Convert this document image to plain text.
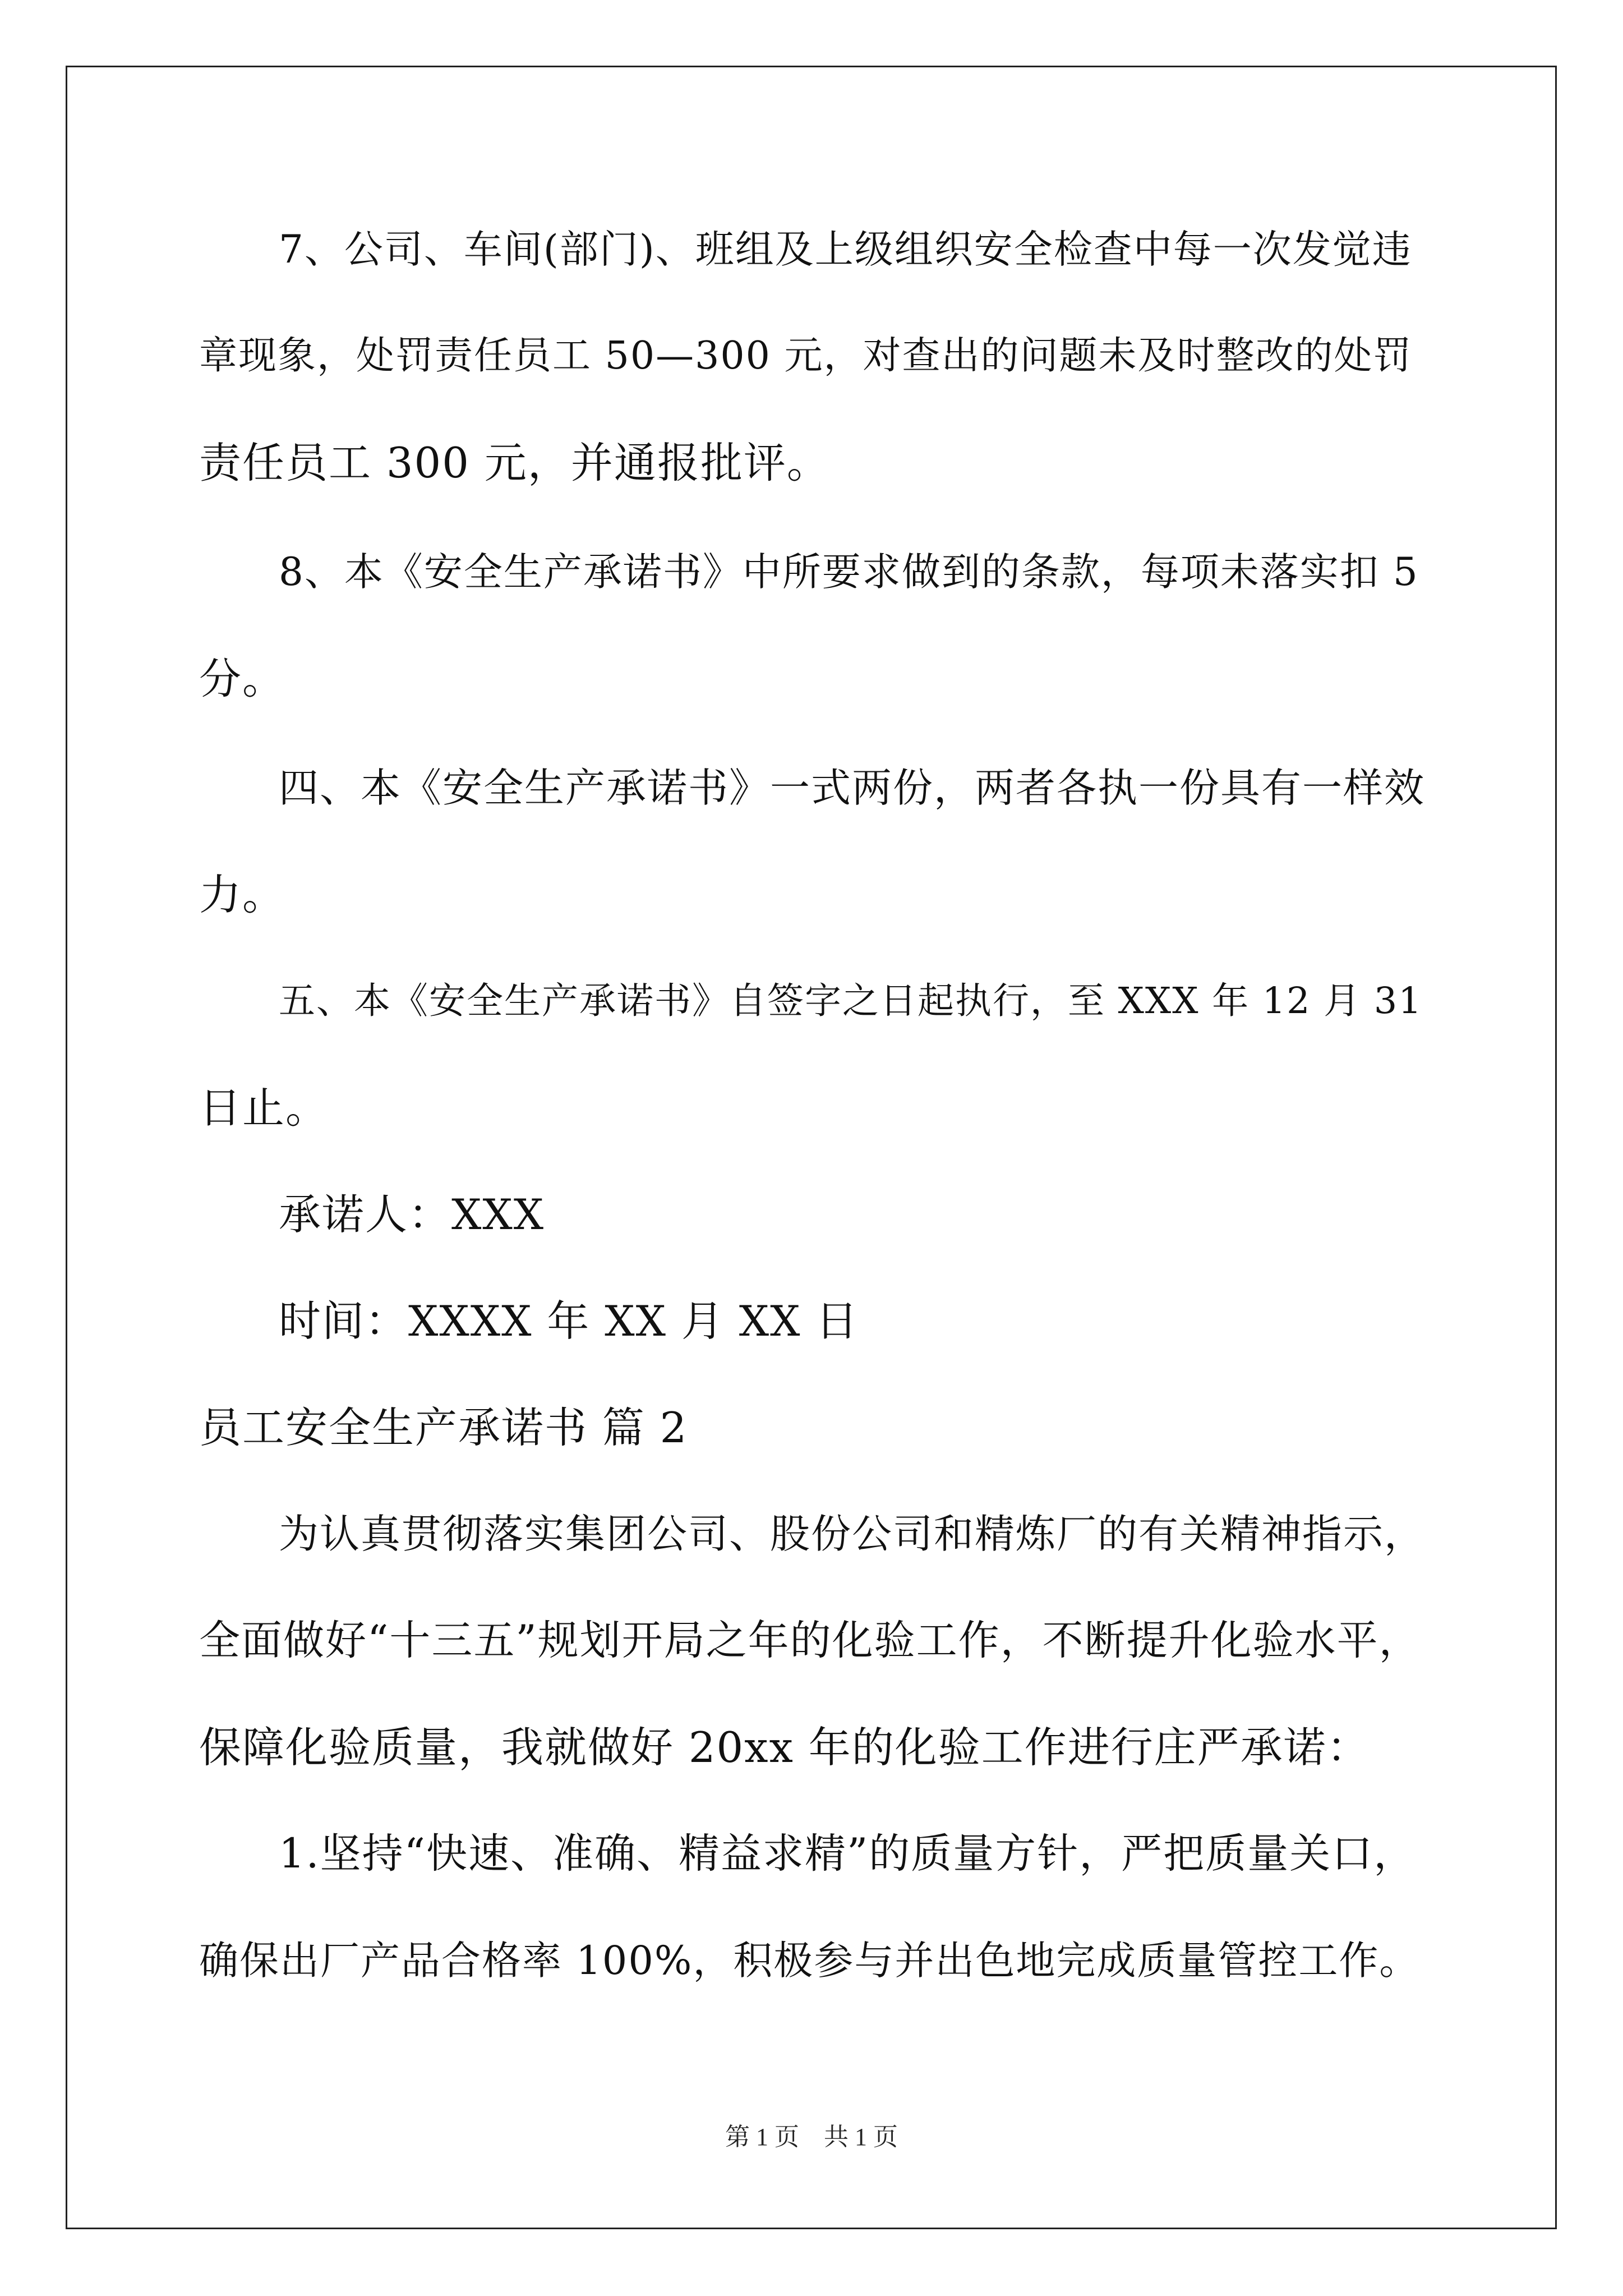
7、公司、车间(部门)、班组及上级组织安全检查中每一次发觉违
章现象，处罚责任员工 50—300 元，对查出的问题未及时整改的处罚
责任员工 300 元，并通报批评。
8、本《安全生产承诺书》中所要求做到的条款，每项未落实扣 5
分。
四、本《安全生产承诺书》一式两份，两者各执一份具有一样效
力。
五、本《安全生产承诺书》自签字之日起执行，至 XXX 年 12 月 31
日止。
承诺人：XXX
时间：XXXX 年 XX 月 XX 日
员工安全生产承诺书 篇 2
为认真贯彻落实集团公司、股份公司和精炼厂的有关精神指示，
全面做好“十三五”规划开局之年的化验工作，不断提升化验水平，
保障化验质量，我就做好 20xx 年的化验工作进行庄严承诺：
1.坚持“快速、准确、精益求精”的质量方针，严把质量关口，
确保出厂产品合格率 100%，积极参与并出色地完成质量管控工作。
第 1 页    共 1 页
